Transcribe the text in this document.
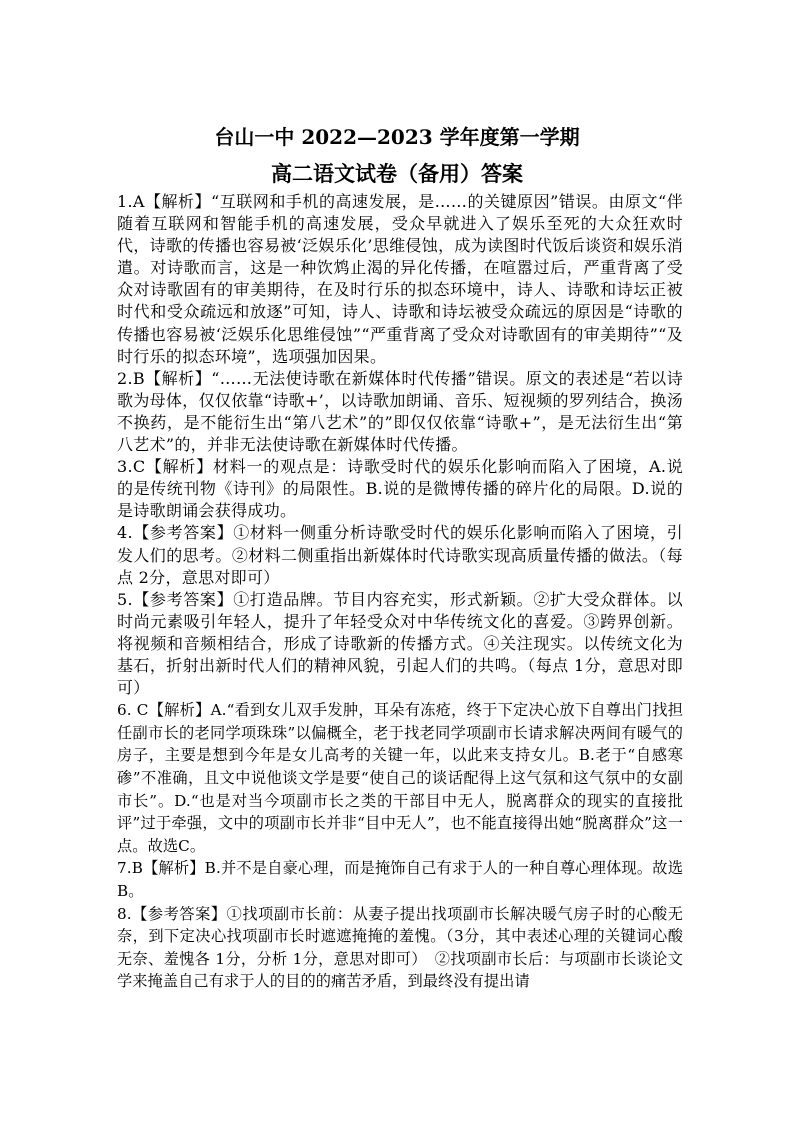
台山一中 2022—2023 学年度第一学期
高二语文试卷（备用）答案

1.A【解析】“互联网和手机的高速发展，是……的关键原因”错误。由原文“伴随着互联网和智能手机的高速发展，受众早就进入了娱乐至死的大众狂欢时代，诗歌的传播也容易被‘泛娱乐化’思维侵蚀，成为读图时代饭后谈资和娱乐消遣。对诗歌而言，这是一种饮鸩止渴的异化传播，在喧嚣过后，严重背离了受众对诗歌固有的审美期待，在及时行乐的拟态环境中，诗人、诗歌和诗坛正被时代和受众疏远和放逐”可知，诗人、诗歌和诗坛被受众疏远的原因是“诗歌的传播也容易被‘泛娱乐化思维侵蚀”“严重背离了受众对诗歌固有的审美期待”“及时行乐的拟态环境”，选项强加因果。

2.B【解析】“……无法使诗歌在新媒体时代传播”错误。原文的表述是“若以诗歌为母体，仅仅依靠“诗歌+’，以诗歌加朗诵、音乐、短视频的罗列结合，换汤不换药，是不能衍生出“第八艺术”的”即仅仅依靠“诗歌+”，是无法衍生出“第八艺术”的，并非无法使诗歌在新媒体时代传播。

3.C【解析】材料一的观点是：诗歌受时代的娱乐化影响而陷入了困境，A.说的是传统刊物《诗刊》的局限性。B.说的是微博传播的碎片化的局限。D.说的是诗歌朗诵会获得成功。

4.【参考答案】①材料一侧重分析诗歌受时代的娱乐化影响而陷入了困境，引发人们的思考。②材料二侧重指出新媒体时代诗歌实现高质量传播的做法。（每点 2分，意思对即可）

5.【参考答案】①打造品牌。节目内容充实，形式新颖。②扩大受众群体。以时尚元素吸引年轻人，提升了年轻受众对中华传统文化的喜爱。③跨界创新。将视频和音频相结合，形成了诗歌新的传播方式。④关注现实。以传统文化为基石，折射出新时代人们的精神风貌，引起人们的共鸣。（每点 1分，意思对即可）

6. C【解析】A.“看到女儿双手发肿，耳朵有冻疮，终于下定决心放下自尊出门找担任副市长的老同学项珠珠”以偏概全，老于找老同学项副市长请求解决两间有暖气的房子，主要是想到今年是女儿高考的关键一年，以此来支持女儿。B.老于“自感寒碜”不准确，且文中说他谈文学是要“使自己的谈话配得上这气氛和这气氛中的女副市长”。D.“也是对当今项副市长之类的干部目中无人，脱离群众的现实的直接批评”过于牵强，文中的项副市长并非“目中无人”，也不能直接得出她“脱离群众”这一点。故选C。

7.B【解析】B.并不是自豪心理，而是掩饰自己有求于人的一种自尊心理体现。故选B。

8.【参考答案】①找项副市长前：从妻子提出找项副市长解决暖气房子时的心酸无奈，到下定决心找项副市长时遮遮掩掩的羞愧。（3分，其中表述心理的关键词心酸无奈、羞愧各 1分，分析 1分，意思对即可）　②找项副市长后：与项副市长谈论文学来掩盖自己有求于人的目的的痛苦矛盾，到最终没有提出请
